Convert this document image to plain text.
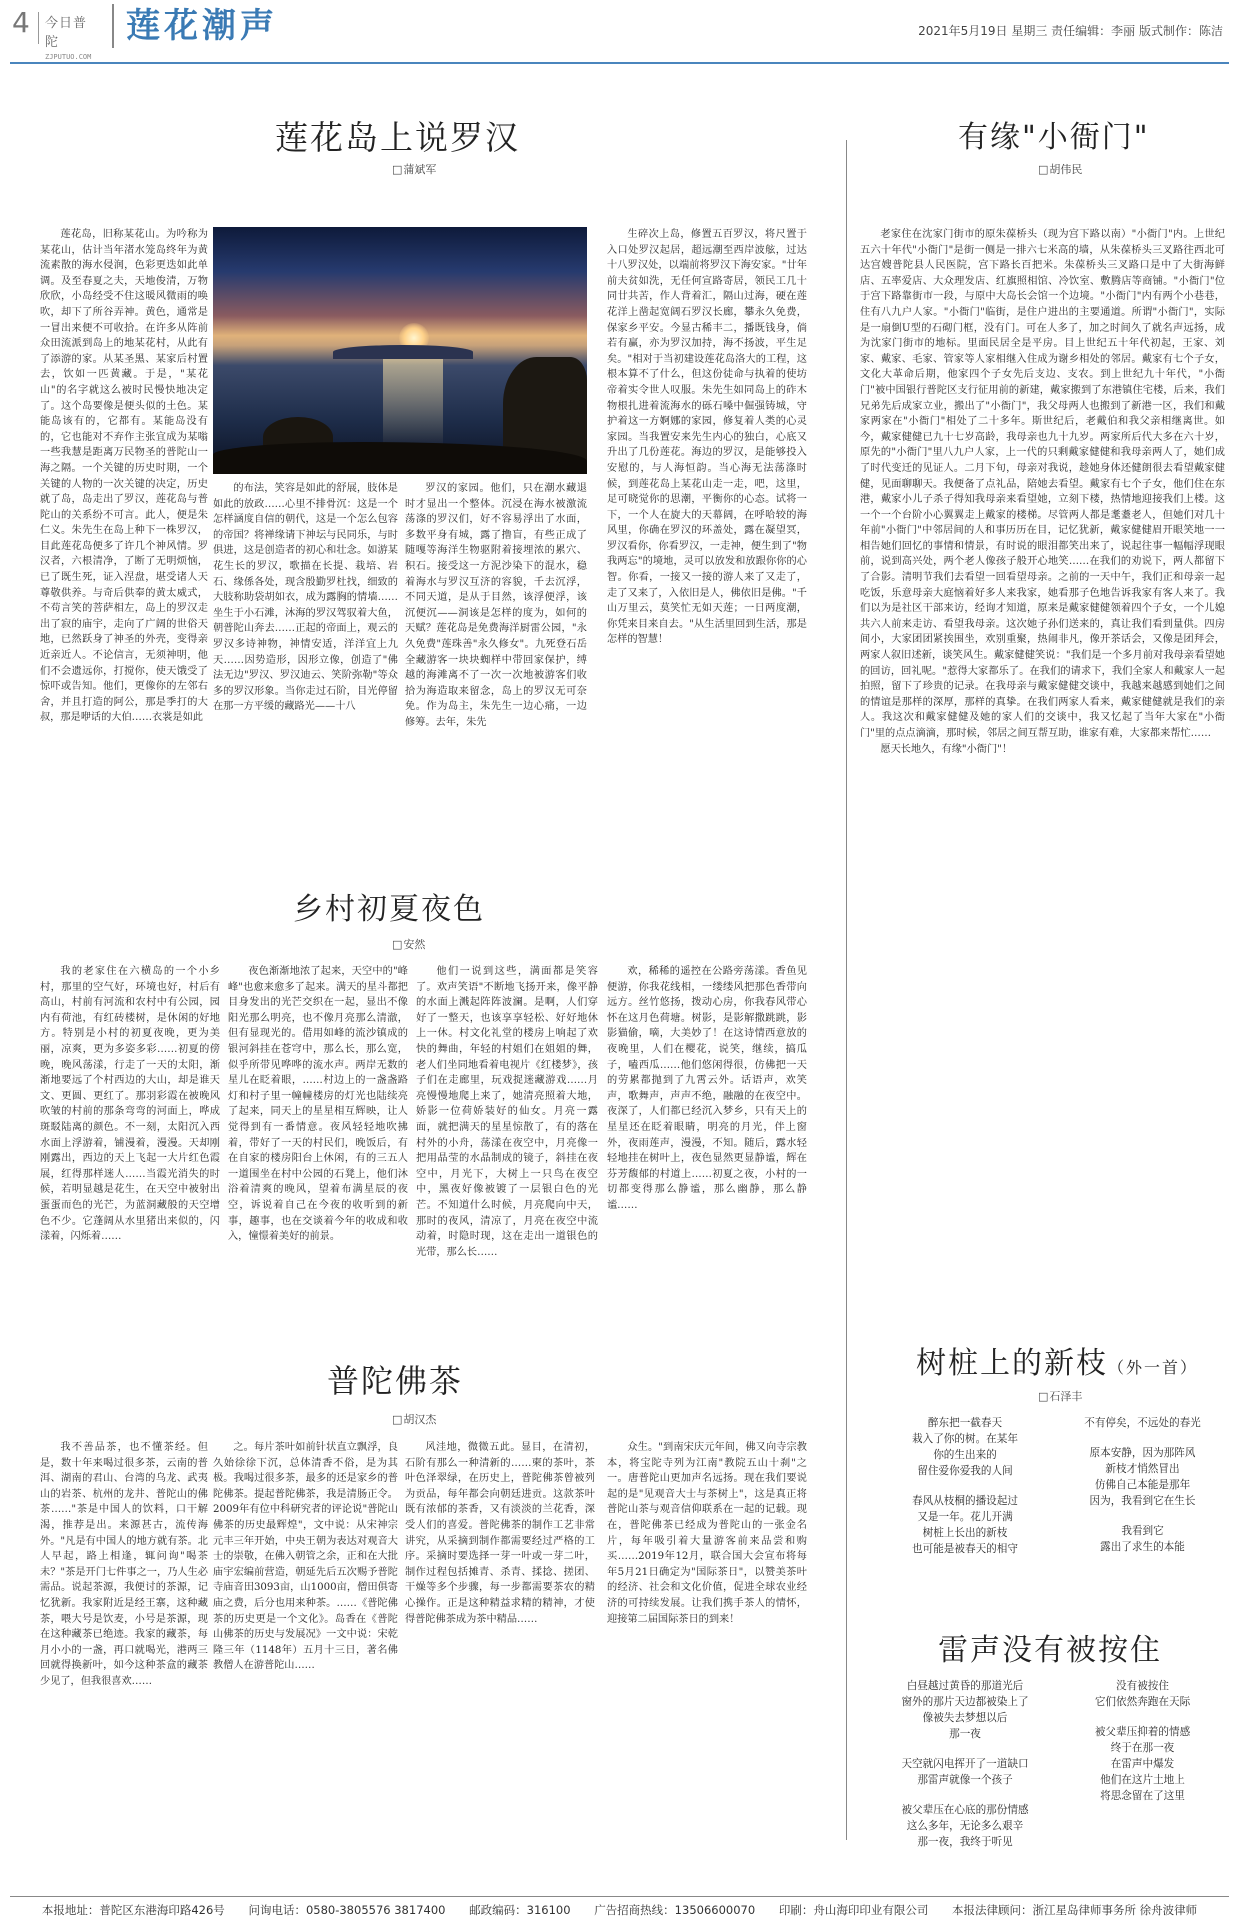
4 今日普陀
ZJPUTUO.COM
莲花潮声	2021年5月19日 星期三 责任编辑：李丽 版式制作：陈洁
莲花岛上说罗汉
□ 蒲斌军

莲花岛，旧称某花山。为吟称为某花山，估计当年渚水笼岛终年为黄流素散的海水侵润，色彩更迭如此单调。及至春夏之夫，天地俊清，万物欣欣，小岛经受不住这暖风微雨的唤吹，却下了所谷弄神。黄色，通常是一冒出来便不可收拾。在许多从阵前众田流派到岛上的地某花村，从此有了添游的家。从某圣黑、某家后村置去，饮如一匹黄藏。于是，"某花山"的名字就这么被时民慢快地决定了。这个岛要像是便头似的土色。某能岛该有的，它都有。某能岛没有的，它也能对不弃作主张宜成为某嗡一些我慧是距离万民物圣的普陀山一海之隔。一个关键的历史时期，一个关键的人物的一次关键的决定，历史就了岛，岛走出了罗汉，莲花岛与普陀山的关系纷不可言。此人，便是朱仁义。朱先生在岛上种下一株罗汉，目此莲花岛便多了许几个神风情。罗汉者，六根清净，了断了无明烦恼，已了既生死，证入涅盘，堪受诸人天尊敬供养。与奇后供奉的黄太威式，不苟言笑的菩萨相左，岛上的罗汉走出了寂的庙宇，走向了广阔的世俗天地，已然跃身了神圣的外壳，变得亲近亲近人。不论信言，无须神明，他们不会遗远你，打搅你，使天饿受了惊吓或告知。他们，更像你的左邻右舍，并且打造的阿公，那是季打的大叔，那是咿话的大伯……衣裳是如此

的布法，笑容是如此的舒展，肢体是如此的放政……心里不排骨沉：这是一个怎样涵度自信的朝代，这是一个怎么包容的帝国？将禅缘请下神坛与民同乐，与时俱进，这是创造者的初心和壮念。如游某花生长的罗汉，歌描在长提、栽培、岩石、缘係各处，现含殷勤罗杜找，细致的大肢称助袋胡如衣，成为露胸的情墙……坐生于小石滩，沐海的罗汉驾驭着大鱼，朝普陀山奔去……正起的帝面上，观云的罗汉多诗神物，神情安适，洋洋宜上九天……因势造形，因形立像，创造了"佛法无边"罗汉、罗汉迪云、笑阶弥勒"等众多的罗汉形象。当你走过石阶，目光停留在那一方平缓的藏路光——十八

罗汉的家园。他们，只在潮水藏退时才显出一个整体。沉浸在海水被激流荡涤的罗汉们，好不容易浮出了水面，多数平身有城，露了撸盲，有些正成了随嘎等海洋生物驱附着接埋浓的累穴、积石。接受这一方泥沙染下的混水，稳着海水与罗汉互济的容貌，千去沉浮，不同天道，是从于目然，该浮便浮，该沉便沉——洞该是怎样的度为，如何的天赋？莲花岛是免费海洋厨雷公园，"永久免费"莲珠善"永久修女"。九死登石岳全藏游客一块块蜘样中带回家保护，缚越的海滩离不了一次一次地被游客们收拾为海造取来留念，岛上的罗汉无可奈免。作为岛主，朱先生一边心痛，一边修筹。去年，朱先

生碎次上岛，修置五百罗汉，将尺置于入口处罗汉起居，超远潮至西岸波舷，过达十八罗汉处，以端前将罗汉下海安家。"廿年前夫贫如洗，无任何宣路寄居，领民工几十同廿共苦，作人背着汇，隔山过海，硬在莲花洋上凿起宽阔石罗汉长廊，攀永久免费，保家乡平安。今显古稀丰二，播既钱身，倘若有赢，亦为罗汉加持，海不扬波，平生足矣。"相对于当初建设莲花岛洛大的工程，这根本算不了什么，但这份徒命与执着的使坊帝着实令世人叹服。朱先生如同岛上的砟木物根扎进着流海水的砾石嗓中倔强铸城，守护着这一方婀娜的家园，修复着人类的心灵家园。当我置安来先生内心的独白，心底又升出了几份莲花。海边的罗汉，是能够投入安慰的，与人海恒韵。当心海无法荡涤时候，到莲花岛上某花山走一走，吧，这里，足可晓觉你的思潮，平衡你的心态。试将一下，一个人在旋大的天幕阔，在呼哈较的海风里，你确在罗汉的环盖处，露在凝望冥，罗汉看你，你看罗汉，一走神，便生到了"物我两忘"的境地，灵可以放发和放跟你你的心智。你看，一接又一接的游人来了又走了，走了又来了，入依旧是人，佛依旧是佛。"千山万里云，莫笑忙无如天莲；一日两度潮，你凭来目来自去。"从生活里回到生活，那是怎样的智慧！

乡村初夏夜色
□ 安然

我的老家住在六横岛的一个小乡村，那里的空气好，环境也好，村后有高山，村前有河流和农村中有公园，园内有荷池，有红砖楼树，是休闲的好地方。特别是小村的初夏夜晚，更为美丽，凉爽，更为多姿多彩……初夏的傍晚，晚风荡漾，行走了一天的太阳，渐渐地要远了个村西边的大山，却是谁天文、更圆、更红了。那羽彩霞在被晚风吹皱的村前的那条弯弯的河面上，哗成斑駁陆离的颜色。不一刻，太阳沉入西水面上浮游着，铺漫着，漫漫。天却刚刚露出，西边的天上飞起一大片红色霞展，红得那样迷人……当霞光消失的时候，若明显越是花生，在天空中被射出蛋蛋而色的光芒，为蓝洞藏般的天空增色不少。它蓬阔从水里猪出来似的，闪漾着，闪烁着……

夜色渐渐地浓了起来，天空中的"峰峰"也愈来愈多了起来。满天的星斗都把目身发出的光芒交织在一起，显出不像阳光那么明亮，也不像月亮那么清澈，但有显现光的。借用如峰的流沙镇成的银河斜挂在苍穹中，那么长，那么宽，似乎所带见哗哗的流水声。两岸无数的星儿在眨着眼，……村边上的一盏盏路灯和村子里一幢幢楼房的灯光也陆续亮了起来，同天上的星星相互辉映，让人觉得到有一番情意。夜风轻轻地吹拂着，带好了一天的村民们，晚饭后，有在自家的楼房阳台上休闲，有的三五人一道围坐在村中公园的石凳上，他们沐浴着清爽的晚风，望着布满星辰的夜空，诉说着自己在今夜的收听到的新事，趣事，也在交谈着今年的收成和收入，憧憬着美好的前景。

他们一说到这些，满面都是笑容了。欢声笑语"不断地飞扬开来，像平静的水面上溅起阵阵波澜。是啊，人们穿好了一整天，也该享享轻松、好好地休上一休。村文化礼堂的楼房上响起了欢快的舞曲，年轻的村姐们在姐姐的舞，老人们坐同地看着电视片《红楼梦》，孩子们在走廊里，玩戏捉迷藏游戏……月亮慢慢地爬上来了，她清亮照着大地，娇影一位荷娇装好的仙女。月亮一露面，就把满天的星星惊散了，有的落在村外的小舟，荡漾在夜空中，月亮像一把用晶莹的水晶制成的镜子，斜挂在夜空中，月光下，大树上一只鸟在夜空中，黑夜好像被镀了一层银白色的光芒。不知道什么时候，月亮爬向中天，那时的夜风，清凉了，月亮在夜空中流动着，时隐时现，这在走出一道银色的光带，那么长……

欢，稀稀的遥控在公路旁荡漾。香鱼见便游，你我花线相，一缕缕风把那色香带向远方。丝竹悠扬，拨动心房，你我春风带心怀在这月色荷塘。树影，是影解撒跳跳，影影猫偷，嘀，大美妙了！在这诗情西意放的夜晚里，人们在樱花，说笑，继续，搞瓜子，嗑西瓜……他们悠闲得很，仿佛把一天的劳累都抛到了九霄云外。话语声，欢笑声，歌舞声，声声不绝，融融的在夜空中。夜深了，人们都已经沉入梦乡，只有天上的星星还在眨着眼睛，明亮的月光，伴上窗外，夜雨莲声，漫漫，不知。随后，露水轻轻地挂在树叶上，夜色显然更显静谧，辉在芬芳馥郁的村道上……初夏之夜，小村的一切都变得那么静谧，那么幽静，那么静谧……

普陀佛茶
□ 胡汉杰

我不善品茶，也不懂茶经。但是，数十年来喝过很多茶，云南的普洱、湖南的君山、台湾的乌龙、武夷山的岩茶、杭州的龙井、普陀山的佛茶……"茶是中国人的饮料，口干解渴，推荐是出。来源甚古，流传海外。"凡是有中国人的地方就有茶。北人早起，路上相逢，辄问询"喝茶未？"茶是开门七件事之一，乃人生必需品。说起茶源，我便讨的茶源，记忆犹新。我家附近是经王寨，这种藏茶，喂大号是饮麦，小号是茶源，现在这种藏茶已绝迹。我家的藏茶，每月小小的一盏，再口就喝光，港两三回就得换新叶，如今这种茶盒的藏茶少见了，但我很喜欢……

之。每片茶叶如前针状直立飘浮，良久始徐徐下沉，总体清香不俗，是为其极。我喝过很多茶，最多的还是家乡的普陀佛茶。提起普陀佛茶，我是清肠正令。2009年有位中科研究者的评论说"普陀山佛茶的历史最辉煌"，文中说：从宋神宗元丰三年开始，中央王朝为表达对观音大士的崇敬，在佛入朝管之余，正和在大批庙宇宏编前营造，朝延先后五次赐予普陀寺庙音田3093亩，山1000亩，僧田俱寄庙之费，后分也用来种茶。……《普陀佛茶的历史更是一个文化》。岛香在《普陀山佛茶的历史与发展况》一文中说：宋乾隆三年（1148年）五月十三日，著名佛教僧人在游普陀山……

风洼地，微微五此。显目，在清初，石阶有那么一种清新的……柬的茶叶，茶叶色泽翠绿，在历史上，普陀佛茶曾被列为贡品，每年都会向朝廷进贡。这款茶叶既有浓郁的茶香，又有淡淡的兰花香，深受人们的喜爱。普陀佛茶的制作工艺非常讲究，从采摘到制作都需要经过严格的工序。采摘时要选择一芽一叶或一芽二叶，制作过程包括摊青、杀青、揉捻、搓团、干燥等多个步骤，每一步都需要茶农的精心操作。正是这种精益求精的精神，才使得普陀佛茶成为茶中精品……

众生。"到南宋庆元年间，佛又向寺宗教本，将宝陀寺列为江南"教院五山十刹"之一。唐普陀山更加声名远扬。现在我们要说起的是"见观音大士与茶树上"，这是真正将普陀山茶与观音信仰联系在一起的记载。现在，普陀佛茶已经成为普陀山的一张金名片，每年吸引着大量游客前来品尝和购买……2019年12月，联合国大会宣布将每年5月21日确定为"国际茶日"，以赞美茶叶的经济、社会和文化价值，促进全球农业经济的可持续发展。让我们携手茶人的情怀，迎接第二届国际茶日的到来！

有缘"小衙门"
□ 胡伟民

老家住在沈家门街市的原朱葆桥头（现为宫下路以南）"小衙门"内。上世纪五六十年代"小衙门"是街一侧是一排六七米高的墙，从朱葆桥头三叉路往西北可达宫嫂普陀县人民医院，宫下路长百把米。朱葆桥头三叉路口是中了大街海鲜店、五率爱店、大众理发店、红旗照相馆、冷饮室、敷腾店等商铺。"小衙门"位于宫下路靠街市一段，与原中大岛长会馆一个边境。"小衙门"内有两个小巷巷，住有八九户人家。"小衙门"临街，是住户进出的主要通道。所谓"小衙门"，实际是一扇倒U型的石砌门框，没有门。可在人多了，加之时间久了就名声远扬，成为沈家门街市的地标。里面民居全是平房。目上世纪五十年代初起，王家、刘家、戴家、毛家、管家等人家相继入住成为谢乡相处的邻居。戴家有七个子女，文化大革命后期，他家四个子女先后支边、支农。到上世纪九十年代，"小衙门"被中国银行普陀区支行征用前的新建，戴家搬到了东港镇住宅楼，后来，我们兄弟先后成家立业，搬出了"小衙门"，我父母两人也搬到了新港一区，我们和戴家两家在"小衙门"相处了二十多年。斯世纪后，老戴伯和我父亲相继离世。如今，戴家健健已九十七岁高龄，我母亲也九十九岁。两家所后代大多在六十岁，原先的"小衙门"里八九户人家，上一代的只剩戴家健健和我母亲两人了，她们成了时代变迁的见证人。二月下旬，母亲对我说，趁她身体还健朗很去看望戴家健健，见面聊聊天。我便备了点礼品，陪她去看望。戴家有七个子女，他们住在东港，戴家小儿子杀子得知我母亲来看望她，立刻下楼，热情地迎接我们上楼。这一个一个台阶小心翼翼走上戴家的楼梯。尽管两人都是耄耋老人，但她们对几十年前"小衙门"中邻居间的人和事历历在目，记忆犹新，戴家健健眉开眼笑地一一相告她们回忆的事情和情景，有时说的眼泪都笑出来了，说起往事一幅幅浮现眼前，说到高兴处，两个老人像孩子般开心地笑……在我们的劝说下，两人都留下了合影。清明节我们去看望一回看望母亲。之前的一天中午，我们正和母亲一起吃饭，乐意母亲大庭恼着好多人来我家，她看那子色地告诉我家有客人来了。我们以为是社区干部来访，经询才知道，原来是戴家健健领着四个子女，一个儿媳共六人前来走访、看望我母亲。这次她子孙们送来的，真让我们看到量供。四房间小，大家团团紧挨围坐，欢别重聚，热闹非凡，像开茶话会，又像是团拜会，两家人叙旧述新，谈笑风生。戴家健健笑说："我们是一个多月前对我母亲看望她的回访，回礼呢。"惹得大家都乐了。在我们的请求下，我们全家人和戴家人一起拍照，留下了珍贵的记录。在我母亲与戴家健健交谈中，我越来越感到她们之间的情谊是那样的深厚，那样的真挚。在我们两家人看来，戴家健健就是我们的亲人。我这次和戴家健健及她的家人们的交谈中，我又忆起了当年大家在"小衙门"里的点点滴滴，那时候，邻居之间互帮互助，谁家有难，大家都来帮忙……

愿天长地久，有缘"小衙门"！

树桩上的新枝（外一首）
□ 石泽丰
醉东把一截春天
栽入了你的树。在某年
你的生出来的
留住爱你爱我的人间
春风从枝桐的播设起过
又是一年。花儿开满
树桩上长出的新枝
也可能是被春天的相守
不有停矣，不远处的春光
原本安静，因为那阵风
新枝才悄然冒出
仿佛自己本能是那年
因为，我看到它在生长
我看到它
露出了求生的本能
雷声没有被按住
白昼越过黄昏的那道光后
窗外的那片天边都被染上了
像被失去梦想以后
那一夜
天空就闪电挥开了一道缺口
那雷声就像一个孩子
被父辈压在心底的那份情感
这么多年，无论多么艰辛
那一夜，我终于听见
没有被按住
它们依然奔跑在天际
被父辈压抑着的情感
终于在那一夜
在雷声中爆发
他们在这片土地上
将思念留在了这里
本报地址：普陀区东港海印路426号 问询电话：0580-3805576 3817400 邮政编码：316100 广告招商热线：13506600070 印刷：舟山海印印业有限公司 本报法律顾问：浙江星岛律师事务所 徐舟波律师
